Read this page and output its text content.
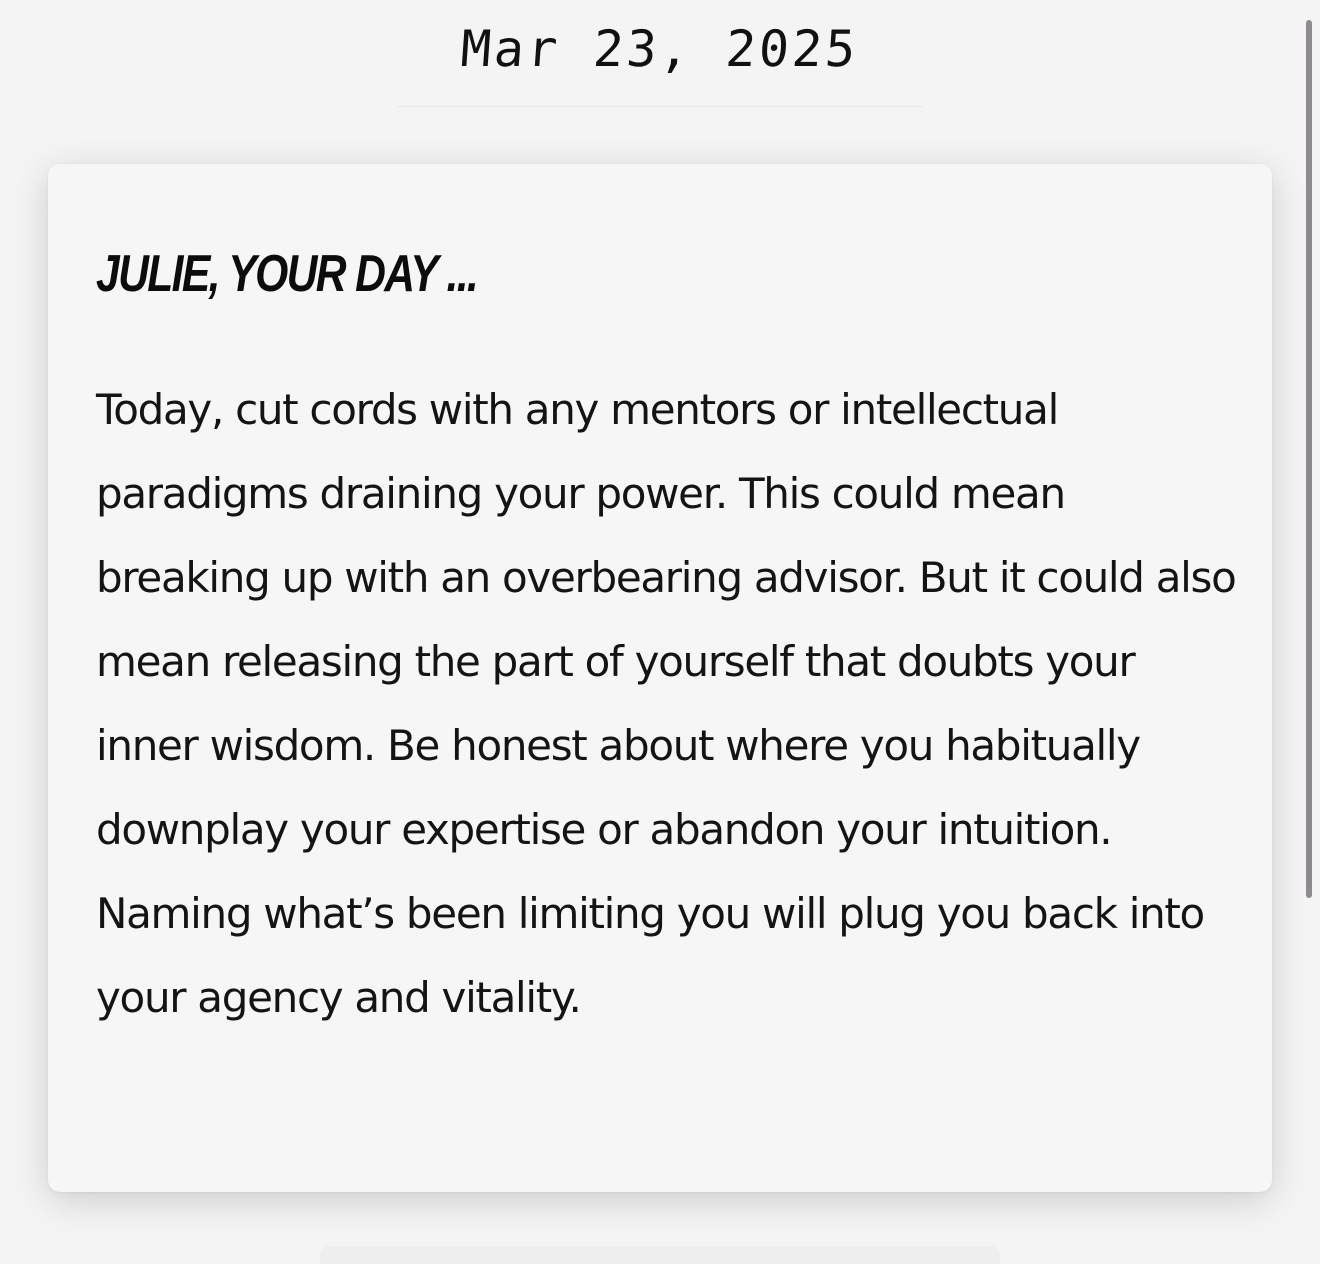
Mar 23, 2025
JULIE, YOUR DAY ...

Today, cut cords with any mentors or intellectual paradigms draining your power. This could mean breaking up with an overbearing advisor. But it could also mean releasing the part of yourself that doubts your inner wisdom. Be honest about where you habitually downplay your expertise or abandon your intuition. Naming what’s been limiting you will plug you back into your agency and vitality.
